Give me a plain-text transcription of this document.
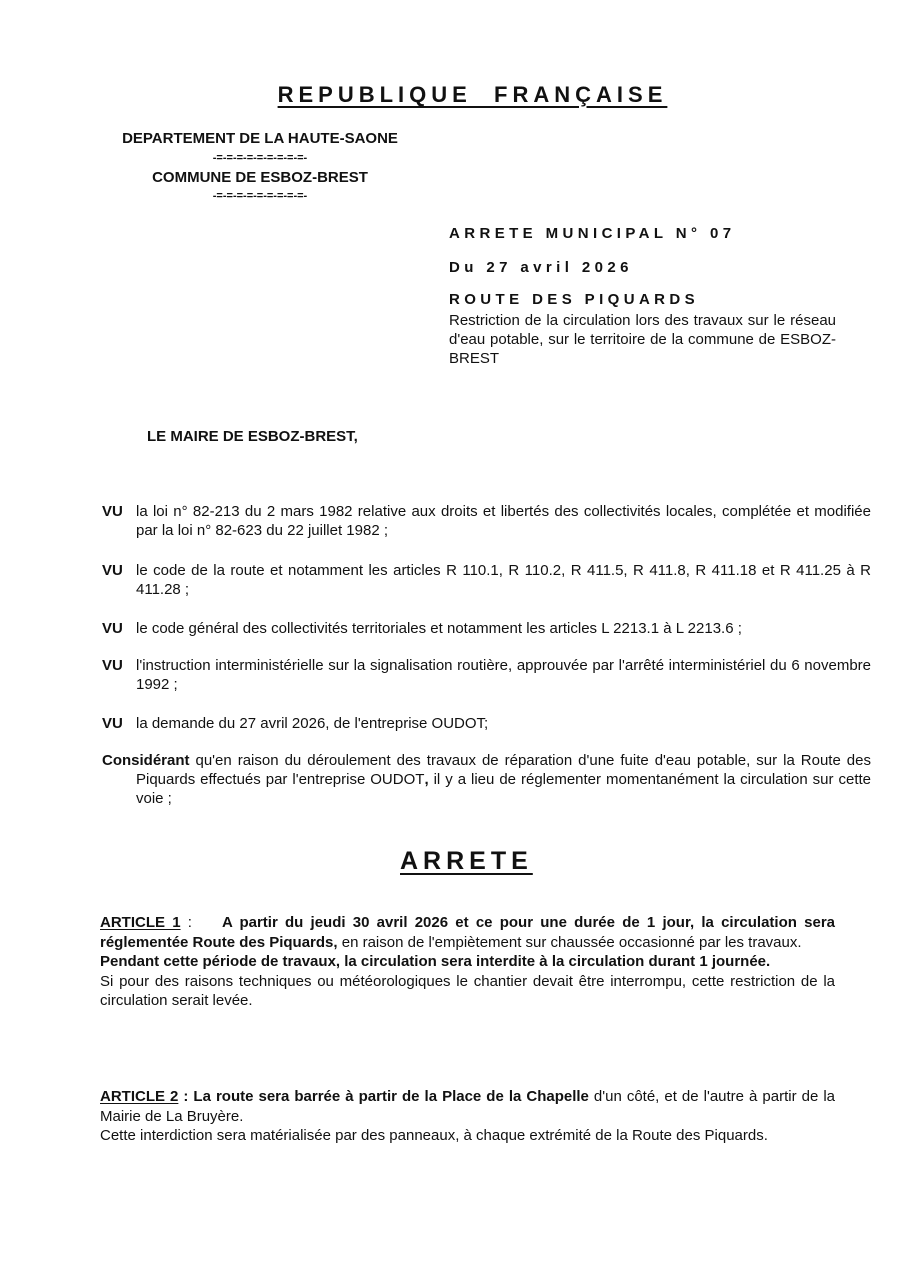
REPUBLIQUE  FRANÇAISE
DEPARTEMENT DE LA HAUTE-SAONE
-=-=-=-=-=-=-=-=-=-
COMMUNE DE ESBOZ-BREST
-=-=-=-=-=-=-=-=-=-
ARRETE MUNICIPAL N° 07
Du 27 avril 2026
ROUTE DES PIQUARDS
Restriction de la circulation lors des travaux sur le réseau d'eau potable, sur le territoire de la commune de ESBOZ-BREST
LE MAIRE DE ESBOZ-BREST,
VU la loi n° 82-213 du 2 mars 1982 relative aux droits et libertés des collectivités locales, complétée et modifiée par la loi n° 82-623 du 22 juillet 1982 ;
VU le code de la route et notamment les articles R 110.1, R 110.2, R 411.5, R 411.8, R 411.18 et R 411.25 à R 411.28 ;
VU le code général des collectivités territoriales et notamment les articles L 2213.1 à L 2213.6 ;
VU l'instruction interministérielle sur la signalisation routière, approuvée par l'arrêté interministériel du 6 novembre 1992 ;
VU la demande du 27 avril 2026, de l'entreprise OUDOT;
Considérant qu'en raison du déroulement des travaux de réparation d'une fuite d'eau potable, sur la Route des Piquards effectués par l'entreprise OUDOT, il y a lieu de réglementer momentanément la circulation sur cette voie ;
ARRETE
ARTICLE 1 : A partir du jeudi 30 avril 2026 et ce pour une durée de 1 jour, la circulation sera réglementée Route des Piquards, en raison de l'empiètement sur chaussée occasionné par les travaux.
Pendant cette période de travaux, la circulation sera interdite à la circulation durant 1 journée.
Si pour des raisons techniques ou météorologiques le chantier devait être interrompu, cette restriction de la circulation serait levée.
ARTICLE 2 : La route sera barrée à partir de la Place de la Chapelle d'un côté, et de l'autre à partir de la Mairie de La Bruyère.
Cette interdiction sera matérialisée par des panneaux, à chaque extrémité de la Route des Piquards.
